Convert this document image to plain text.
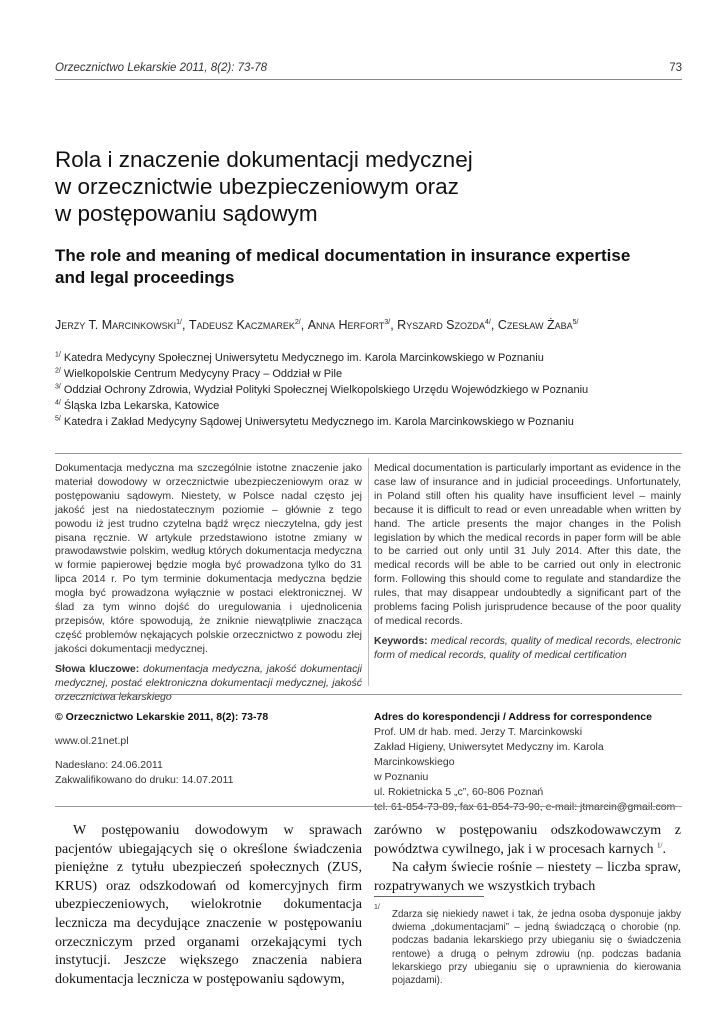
Orzecznictwo Lekarskie 2011, 8(2): 73-78	73
Rola i znaczenie dokumentacji medycznej
w orzecznictwie ubezpieczeniowym oraz
w postępowaniu sądowym
The role and meaning of medical documentation in insurance expertise and legal proceedings
Jerzy T. Marcinkowski$^{1/}$, Tadeusz Kaczmarek$^{2/}$, Anna Herfort$^{3/}$, Ryszard Szozda$^{4/}$, Czesław Żaba$^{5/}$
$^{1/}$ Katedra Medycyny Społecznej Uniwersytetu Medycznego im. Karola Marcinkowskiego w Poznaniu
$^{2/}$ Wielkopolskie Centrum Medycyny Pracy – Oddział w Pile
$^{3/}$ Oddział Ochrony Zdrowia, Wydział Polityki Społecznej Wielkopolskiego Urzędu Wojewódzkiego w Poznaniu
$^{4/}$ Śląska Izba Lekarska, Katowice
$^{5/}$ Katedra i Zakład Medycyny Sądowej Uniwersytetu Medycznego im. Karola Marcinkowskiego w Poznaniu
Dokumentacja medyczna ma szczególnie istotne znaczenie jako materiał dowodowy w orzecznictwie ubezpieczeniowym oraz w postępowaniu sądowym. Niestety, w Polsce nadal często jej jakość jest na niedostatecznym poziomie – głównie z tego powodu iż jest trudno czytelna bądź wręcz nieczytelna, gdy jest pisana ręcznie. W artykule przedstawiono istotne zmiany w prawodawstwie polskim, według których dokumentacja medyczna w formie papierowej będzie mogła być prowadzona tylko do 31 lipca 2014 r. Po tym terminie dokumentacja medyczna będzie mogła być prowadzona wyłącznie w postaci elektronicznej. W ślad za tym winno dojść do uregulowania i ujednolicenia przepisów, które spowodują, że zniknie niewątpliwie znacząca część problemów nękających polskie orzecznictwo z powodu złej jakości dokumentacji medycznej.
Słowa kluczowe: dokumentacja medyczna, jakość dokumentacji medycznej, postać elektroniczna dokumentacji medycznej, jakość orzecznictwa lekarskiego
Medical documentation is particularly important as evidence in the case law of insurance and in judicial proceedings. Unfortunately, in Poland still often his quality have insufficient level – mainly because it is difficult to read or even unreadable when written by hand. The article presents the major changes in the Polish legislation by which the medical records in paper form will be able to be carried out only until 31 July 2014. After this date, the medical records will be able to be carried out only in electronic form. Following this should come to regulate and standardize the rules, that may disappear undoubtedly a significant part of the problems facing Polish jurisprudence because of the poor quality of medical records.
Keywords: medical records, quality of medical records, electronic form of medical records, quality of medical certification
© Orzecznictwo Lekarskie 2011, 8(2): 73-78
www.ol.21net.pl
Nadesłano: 24.06.2011
Zakwalifikowano do druku: 14.07.2011
Adres do korespondencji / Address for correspondence
Prof. UM dr hab. med. Jerzy T. Marcinkowski
Zakład Higieny, Uniwersytet Medyczny im. Karola Marcinkowskiego
w Poznaniu
ul. Rokietnicka 5 „c”, 60-806 Poznań
tel. 61-854-73-89, fax 61-854-73-90, e-mail: jtmarcin@gmail.com
W postępowaniu dowodowym w sprawach pacjentów ubiegających się o określone świadczenia pieniężne z tytułu ubezpieczeń społecznych (ZUS, KRUS) oraz odszkodowań od komercyjnych firm ubezpieczeniowych, wielokrotnie dokumentacja lecznicza ma decydujące znaczenie w postępowaniu orzeczniczym przed organami orzekającymi tych instytucji. Jeszcze większego znaczenia nabiera dokumentacja lecznicza w postępowaniu sądowym,
zarówno w postępowaniu odszkodowawczym z powództwa cywilnego, jak i w procesach karnych $^{1/}$.
Na całym świecie rośnie – niestety – liczba spraw, rozpatrywanych we wszystkich trybach
1/
Zdarza się niekiedy nawet i tak, że jedna osoba dysponuje jakby dwiema „dokumentacjami” – jedną świadczącą o chorobie (np. podczas badania lekarskiego przy ubieganiu się o świadczenia rentowe) a drugą o pełnym zdrowiu (np. podczas badania lekarskiego przy ubieganiu się o uprawnienia do kierowania pojazdami).
